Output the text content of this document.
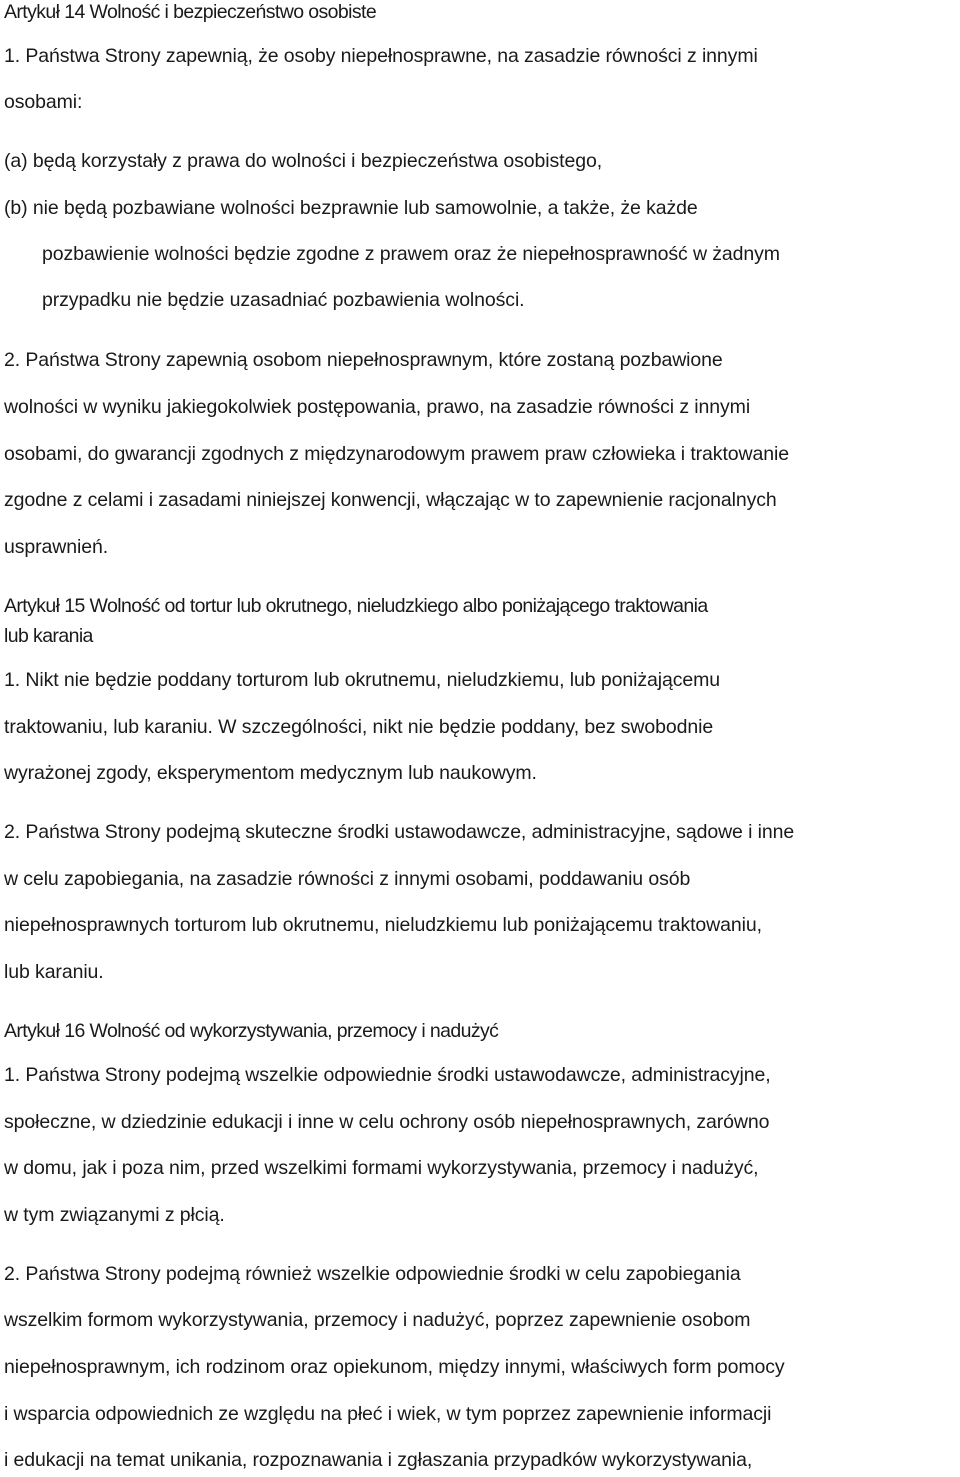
Artykuł 14 Wolność i bezpieczeństwo osobiste
1. Państwa Strony zapewnią, że osoby niepełnosprawne, na zasadzie równości z innymi
osobami:
(a) będą korzystały z prawa do wolności i bezpieczeństwa osobistego,
(b) nie będą pozbawiane wolności bezprawnie lub samowolnie, a także, że każde
pozbawienie wolności będzie zgodne z prawem oraz że niepełnosprawność w żadnym
przypadku nie będzie uzasadniać pozbawienia wolności.
2. Państwa Strony zapewnią osobom niepełnosprawnym, które zostaną pozbawione
wolności w wyniku jakiegokolwiek postępowania, prawo, na zasadzie równości z innymi
osobami, do gwarancji zgodnych z międzynarodowym prawem praw człowieka i traktowanie
zgodne z celami i zasadami niniejszej konwencji, włączając w to zapewnienie racjonalnych
usprawnień.
Artykuł 15 Wolność od tortur lub okrutnego, nieludzkiego albo poniżającego traktowania
lub karania
1. Nikt nie będzie poddany torturom lub okrutnemu, nieludzkiemu, lub poniżającemu
traktowaniu, lub karaniu. W szczególności, nikt nie będzie poddany, bez swobodnie
wyrażonej zgody, eksperymentom medycznym lub naukowym.
2. Państwa Strony podejmą skuteczne środki ustawodawcze, administracyjne, sądowe i inne
w celu zapobiegania, na zasadzie równości z innymi osobami, poddawaniu osób
niepełnosprawnych torturom lub okrutnemu, nieludzkiemu lub poniżającemu traktowaniu,
lub karaniu.
Artykuł 16 Wolność od wykorzystywania, przemocy i nadużyć
1. Państwa Strony podejmą wszelkie odpowiednie środki ustawodawcze, administracyjne,
społeczne, w dziedzinie edukacji i inne w celu ochrony osób niepełnosprawnych, zarówno
w domu, jak i poza nim, przed wszelkimi formami wykorzystywania, przemocy i nadużyć,
w tym związanymi z płcią.
2. Państwa Strony podejmą również wszelkie odpowiednie środki w celu zapobiegania
wszelkim formom wykorzystywania, przemocy i nadużyć, poprzez zapewnienie osobom
niepełnosprawnym, ich rodzinom oraz opiekunom, między innymi, właściwych form pomocy
i wsparcia odpowiednich ze względu na płeć i wiek, w tym poprzez zapewnienie informacji
i edukacji na temat unikania, rozpoznawania i zgłaszania przypadków wykorzystywania,
